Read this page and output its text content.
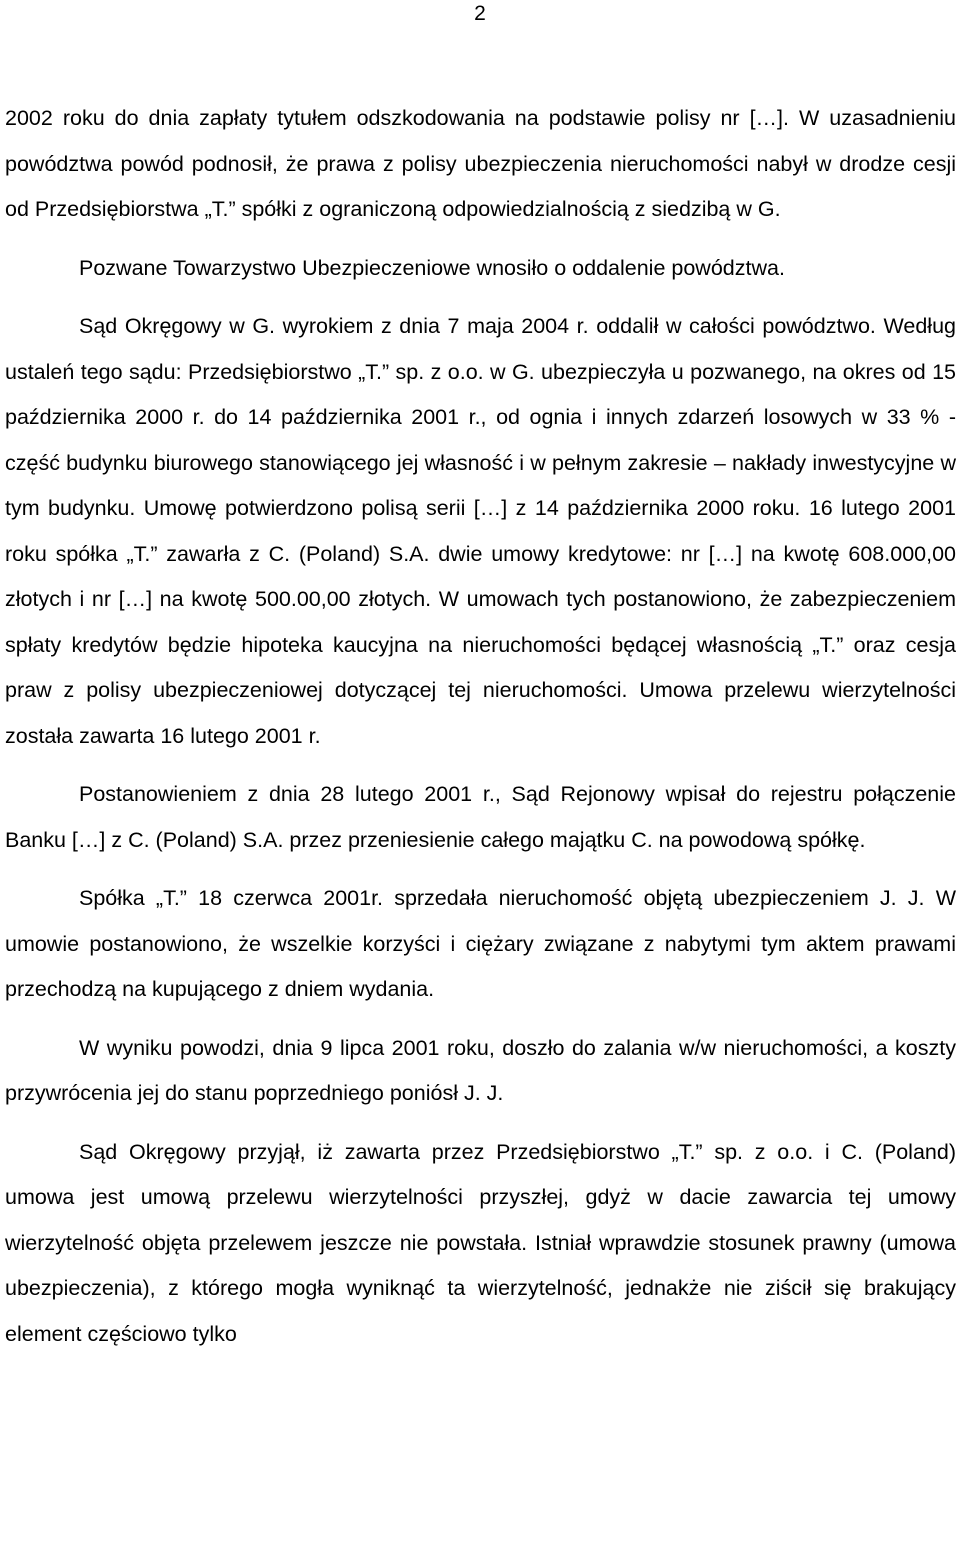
2

2002 roku do dnia zapłaty tytułem odszkodowania na podstawie polisy nr […]. W uzasadnieniu powództwa powód podnosił, że prawa z polisy ubezpieczenia nieruchomości nabył w drodze cesji od Przedsiębiorstwa „T.” spółki z ograniczoną odpowiedzialnością z siedzibą w G.

Pozwane Towarzystwo Ubezpieczeniowe wnosiło o oddalenie powództwa.

Sąd Okręgowy w G. wyrokiem z dnia 7 maja 2004 r. oddalił w całości powództwo. Według ustaleń tego sądu: Przedsiębiorstwo „T.” sp. z o.o. w G. ubezpieczyła u pozwanego, na okres od 15 października 2000 r. do 14 października 2001 r., od ognia i innych zdarzeń losowych w 33 % - część budynku biurowego stanowiącego jej własność i w pełnym zakresie – nakłady inwestycyjne w tym budynku. Umowę potwierdzono polisą serii […] z 14 października 2000 roku. 16 lutego 2001 roku spółka „T.” zawarła z C. (Poland) S.A. dwie umowy kredytowe: nr […] na kwotę 608.000,00 złotych i nr […] na kwotę 500.00,00 złotych. W umowach tych postanowiono, że zabezpieczeniem spłaty kredytów będzie hipoteka kaucyjna na nieruchomości będącej własnością „T.” oraz cesja praw z polisy ubezpieczeniowej dotyczącej tej nieruchomości. Umowa przelewu wierzytelności została zawarta 16 lutego 2001 r.

Postanowieniem z dnia 28 lutego 2001 r., Sąd Rejonowy wpisał do rejestru połączenie Banku […] z C. (Poland) S.A. przez przeniesienie całego majątku C. na powodową spółkę.

Spółka „T.” 18 czerwca 2001r. sprzedała nieruchomość objętą ubezpieczeniem J. J. W umowie postanowiono, że wszelkie korzyści i ciężary związane z nabytymi tym aktem prawami przechodzą na kupującego z dniem wydania.

W wyniku powodzi, dnia 9 lipca 2001 roku, doszło do zalania w/w nieruchomości, a koszty przywrócenia jej do stanu poprzedniego poniósł J. J.

Sąd Okręgowy przyjął, iż zawarta przez Przedsiębiorstwo „T.” sp. z o.o. i C. (Poland) umowa jest umową przelewu wierzytelności przyszłej, gdyż w dacie zawarcia tej umowy wierzytelność objęta przelewem jeszcze nie powstała. Istniał wprawdzie stosunek prawny (umowa ubezpieczenia), z którego mogła wyniknąć ta wierzytelność, jednakże nie ziścił się brakujący element częściowo tylko
